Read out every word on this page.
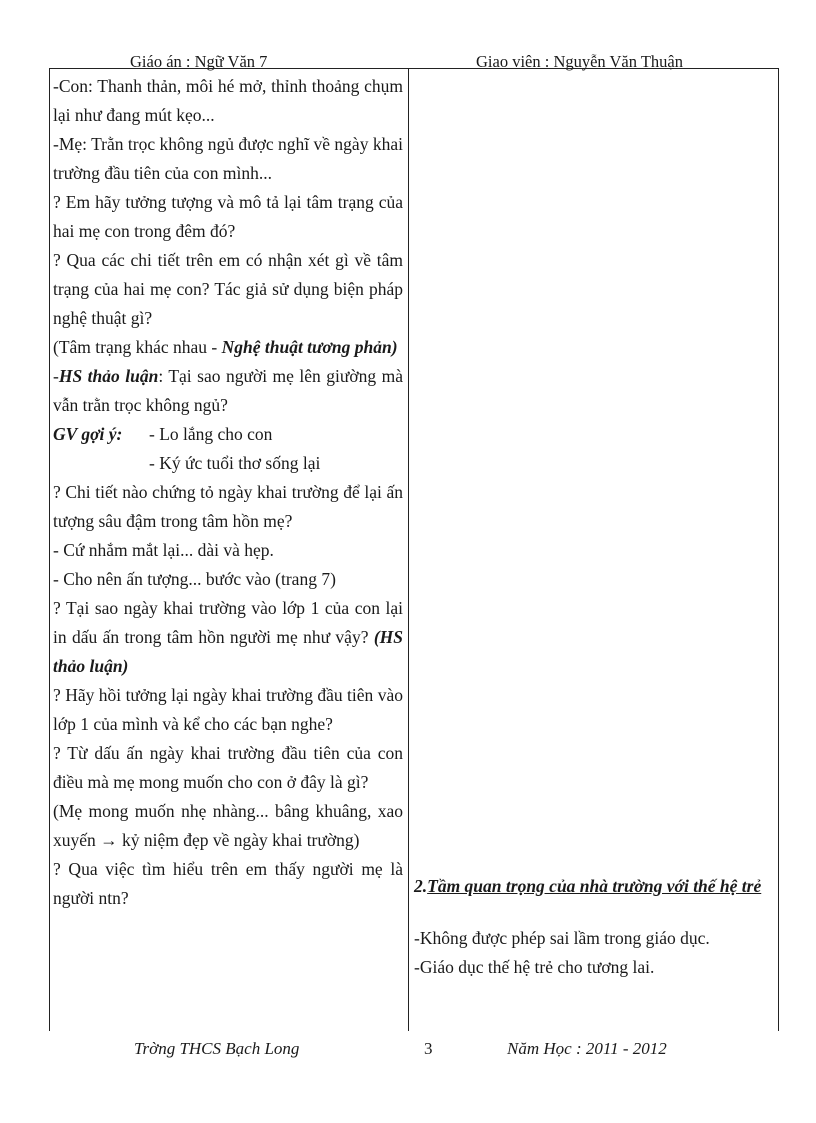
Giáo án : Ngữ Văn 7	Giao viên : Nguyễn Văn Thuận

-Con: Thanh thản, môi hé mở, thỉnh thoảng chụm lại như đang mút kẹo...

-Mẹ: Trằn trọc không ngủ được nghĩ về ngày khai trường đầu tiên của con mình...

? Em hãy tưởng tượng và mô tả lại tâm trạng của hai mẹ con trong đêm đó?

? Qua các chi tiết trên em có nhận xét gì về tâm trạng của hai mẹ con? Tác giả sử dụng biện pháp nghệ thuật gì?

(Tâm trạng khác nhau - Nghệ thuật tương phản)

-HS thảo luận: Tại sao người mẹ lên giường mà vẫn trằn trọc không ngủ?

GV gợi ý:	- Lo lắng cho con

- Ký ức tuổi thơ sống lại

? Chi tiết nào chứng tỏ ngày khai trường để lại ấn tượng sâu đậm trong tâm hồn mẹ?

- Cứ nhắm mắt lại... dài và hẹp.

- Cho nên ấn tượng... bước vào (trang 7)

? Tại sao ngày khai trường vào lớp 1 của con lại in dấu ấn trong tâm hồn người mẹ như vậy? (HS thảo luận)

? Hãy hồi tưởng lại ngày khai trường đầu tiên vào lớp 1 của mình và kể cho các bạn nghe?

? Từ dấu ấn ngày khai trường đầu tiên của con điều mà mẹ mong muốn cho con ở đây là gì?

(Mẹ mong muốn nhẹ nhàng... bâng khuâng, xao xuyến → kỷ niệm đẹp về ngày khai trường)

? Qua việc tìm hiểu trên em thấy người mẹ là người ntn?

2.Tầm quan trọng của nhà trường với thế hệ trẻ

-Không được phép sai lầm trong giáo dục.

-Giáo dục thế hệ trẻ cho tương lai.

Trờng THCS Bạch Long	3	Năm Học : 2011 - 2012
